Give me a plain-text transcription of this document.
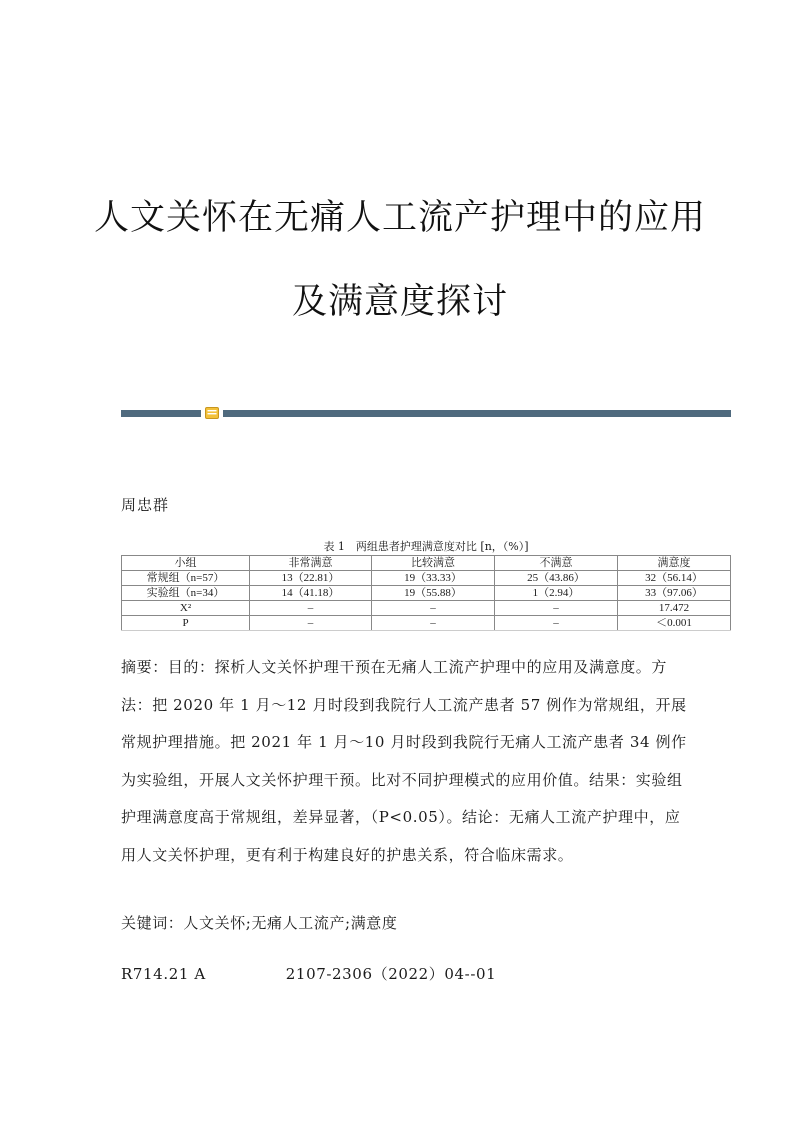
人文关怀在无痛人工流产护理中的应用
及满意度探讨
周忠群
表 1　两组患者护理满意度对比 [n，（%）]
小组	非常满意	比较满意	不满意	满意度
常规组（n=57）	13（22.81）	19（33.33）	25（43.86）	32（56.14）
实验组（n=34）	14（41.18）	19（55.88）	1（2.94）	33（97.06）
X²	–	–	–	17.472
P	–	–	–	＜0.001
摘要：目的：探析人文关怀护理干预在无痛人工流产护理中的应用及满意度。方法：把 2020 年 1 月～12 月时段到我院行人工流产患者 57 例作为常规组，开展常规护理措施。把 2021 年 1 月～10 月时段到我院行无痛人工流产患者 34 例作为实验组，开展人文关怀护理干预。比对不同护理模式的应用价值。结果：实验组护理满意度高于常规组，差异显著，（P<0.05）。结论：无痛人工流产护理中，应用人文关怀护理，更有利于构建良好的护患关系，符合临床需求。
关键词：人文关怀;无痛人工流产;满意度
R714.21 A	2107-2306（2022）04--01
